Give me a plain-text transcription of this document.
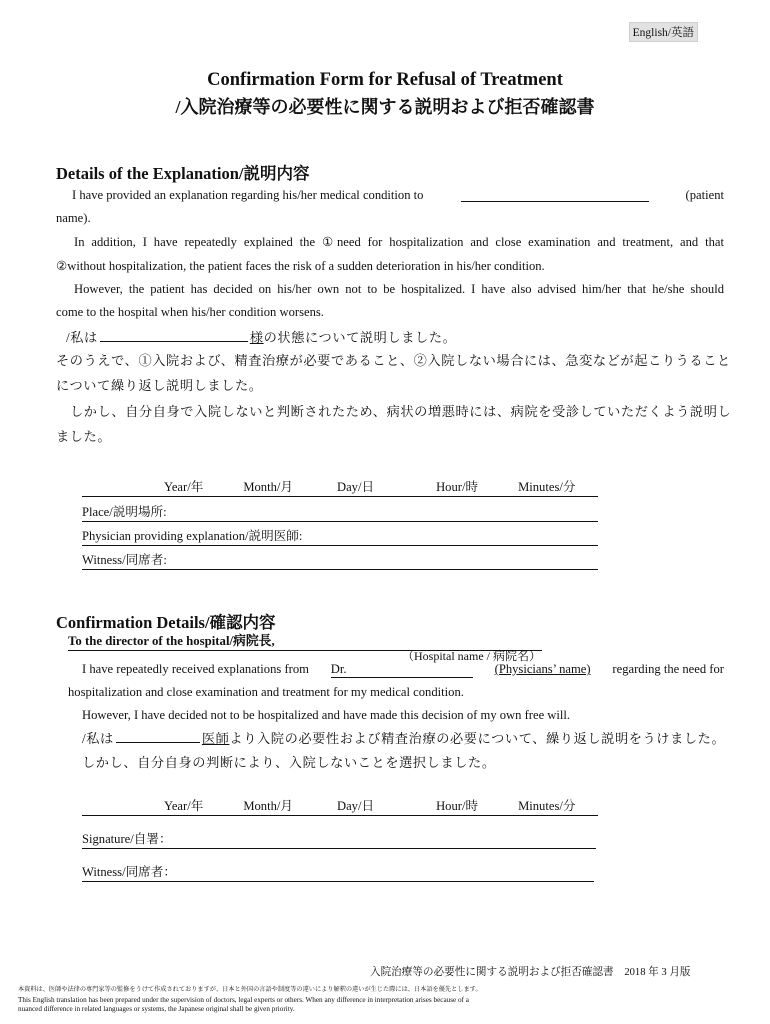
English/英語
Confirmation Form for Refusal of Treatment
/入院治療等の必要性に関する説明および拒否確認書
Details of the Explanation/説明内容
I have provided an explanation regarding his/her medical condition to	(patient
name).
In addition, I have repeatedly explained the ①need for hospitalization and close examination and treatment, and that
②without hospitalization, the patient faces the risk of a sudden deterioration in his/her condition.
However, the patient has decided on his/her own not to be hospitalized. I have also advised him/her that he/she should
come to the hospital when his/her condition worsens.
/私は	様の状態について説明しました。
そのうえで、①入院および、精査治療が必要であること、②入院しない場合には、急変などが起こりうること
について繰り返し説明しました。
しかし、自分自身で入院しないと判断されたため、病状の増悪時には、病院を受診していただくよう説明し
ました。
Year/年	Month/月	Day/日	Hour/時	Minutes/分
Place/説明場所:
Physician providing explanation/説明医師:
Witness/同席者:
Confirmation Details/確認内容
To the director of the hospital/病院長,
（Hospital name / 病院名）
I have repeatedly received explanations from Dr.	(Physicians’ name) regarding the need for
hospitalization and close examination and treatment for my medical condition.
However, I have decided not to be hospitalized and have made this decision of my own free will.
/私は	医師より入院の必要性および精査治療の必要について、繰り返し説明をうけました。
しかし、自分自身の判断により、入院しないことを選択しました。
Year/年	Month/月	Day/日	Hour/時	Minutes/分
Signature/自署：
Witness/同席者：
入院治療等の必要性に関する説明および拒否確認書 2018 年 3 月版
本資料は、医師や法律の専門家等の監修をうけて作成されておりますが、日本と外国の言語や制度等の違いにより解釈の違いが生じた際には、日本語を優先とします。
This English translation has been prepared under the supervision of doctors, legal experts or others. When any difference in interpretation arises because of a
nuanced difference in related languages or systems, the Japanese original shall be given priority.
